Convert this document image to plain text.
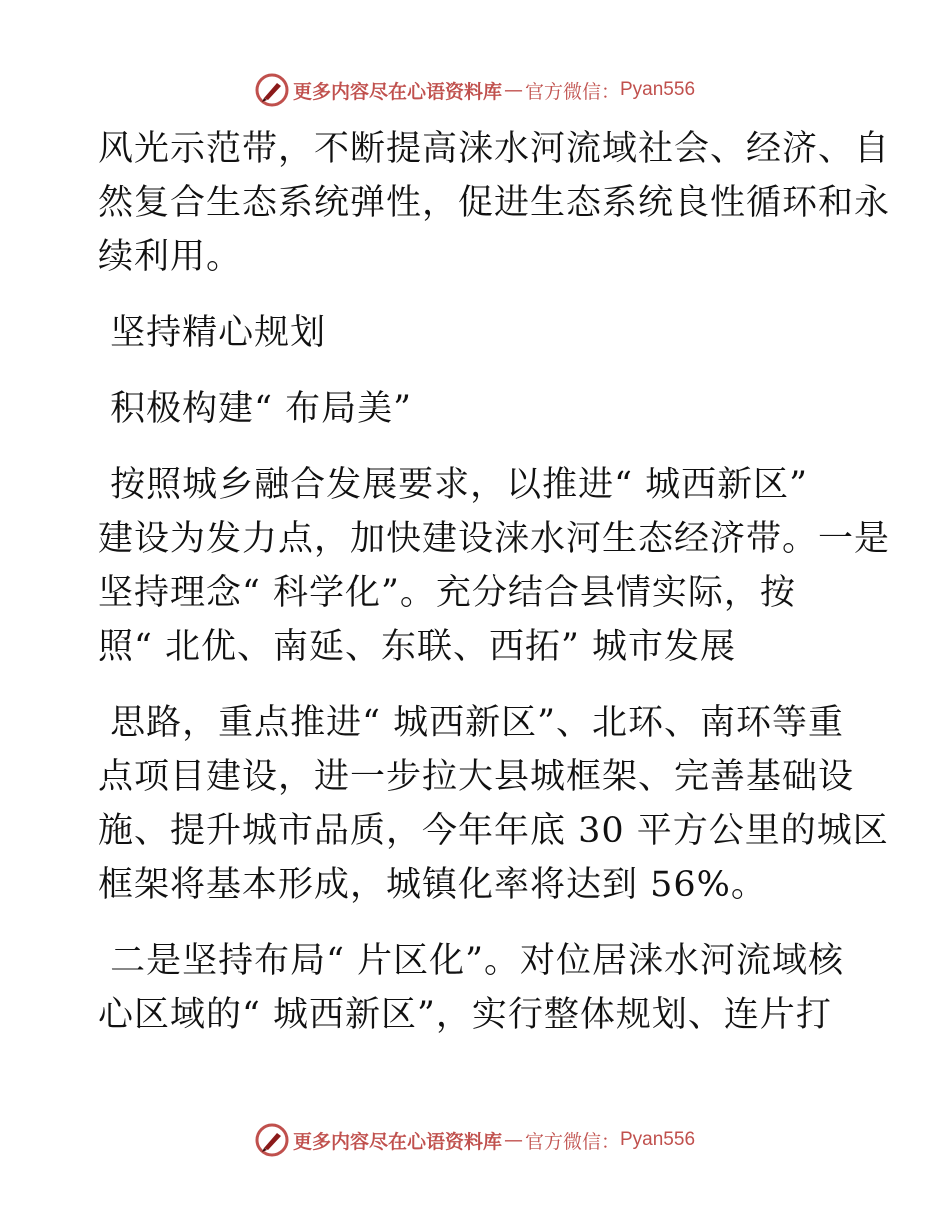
更多内容尽在心语资料库 — 官方微信： Pyan556
风光示范带，不断提高涞水河流域社会、经济、自
然复合生态系统弹性，促进生态系统良性循环和永
续利用。
坚持精心规划
积极构建“ 布局美”
按照城乡融合发展要求，以推进“ 城西新区”
建设为发力点，加快建设涞水河生态经济带。一是
坚持理念“ 科学化”。充分结合县情实际，按
照“ 北优、南延、东联、西拓” 城市发展
思路，重点推进“ 城西新区”、北环、南环等重
点项目建设，进一步拉大县城框架、完善基础设
施、提升城市品质，今年年底 30 平方公里的城区
框架将基本形成，城镇化率将达到 56%。
二是坚持布局“ 片区化”。对位居涞水河流域核
心区域的“ 城西新区”，实行整体规划、连片打
更多内容尽在心语资料库 — 官方微信： Pyan556
